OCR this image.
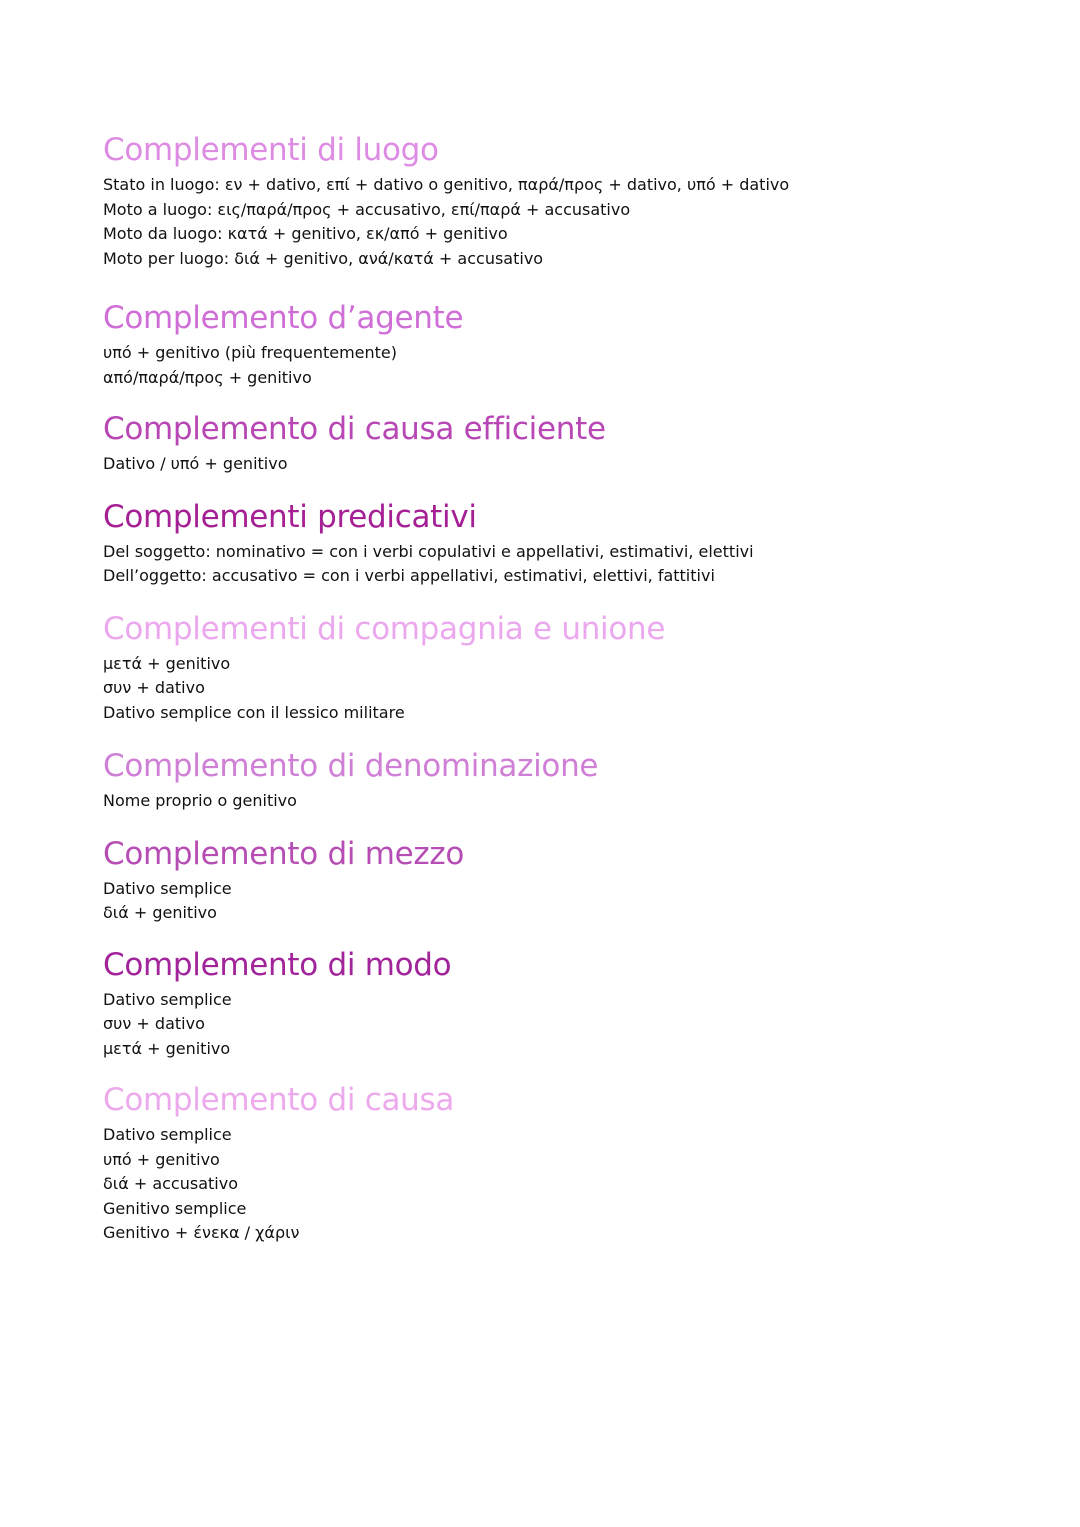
Complementi di luogo
Stato in luogo: εν + dativo, επί + dativo o genitivo, παρά/προς + dativo, υπό + dativo
Moto a luogo: εις/παρά/προς + accusativo, επί/παρά + accusativo
Moto da luogo: κατά + genitivo, εκ/από + genitivo
Moto per luogo: διά + genitivo, ανά/κατά + accusativo
Complemento d’agente
υπό + genitivo (più frequentemente)
από/παρά/προς + genitivo
Complemento di causa efficiente
Dativo / υπό + genitivo
Complementi predicativi
Del soggetto: nominativo = con i verbi copulativi e appellativi, estimativi, elettivi
Dell’oggetto: accusativo = con i verbi appellativi, estimativi, elettivi, fattitivi
Complementi di compagnia e unione
μετά + genitivo
συν + dativo
Dativo semplice con il lessico militare
Complemento di denominazione
Nome proprio o genitivo
Complemento di mezzo
Dativo semplice
διά + genitivo
Complemento di modo
Dativo semplice
συν + dativo
μετά + genitivo
Complemento di causa
Dativo semplice
υπό + genitivo
διά + accusativo
Genitivo semplice
Genitivo + ένεκα / χάριν
